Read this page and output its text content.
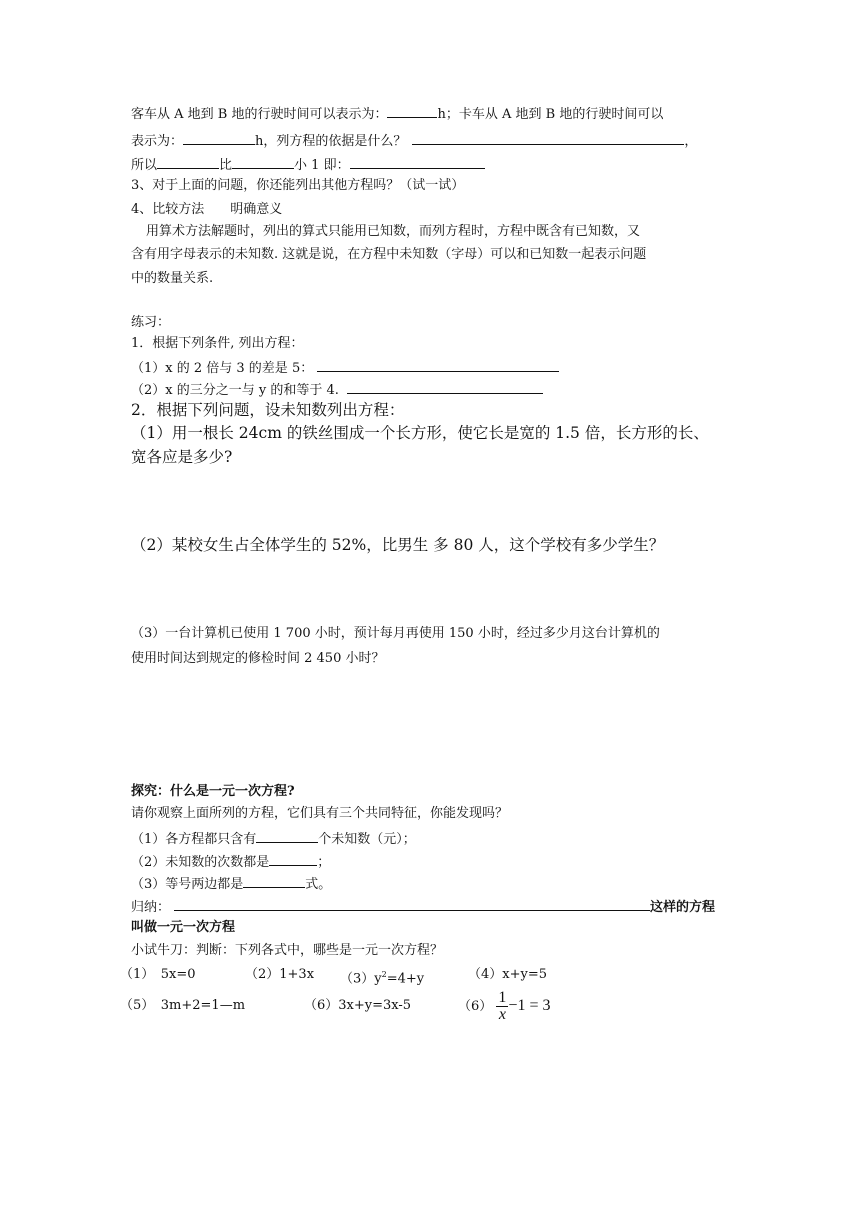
客车从 A 地到 B 地的行驶时间可以表示为：	h；卡车从 A 地到 B 地的行驶时间可以
表示为：	h，列方程的依据是什么？	，
所以	比	小 1 即：
3、对于上面的问题，你还能列出其他方程吗？（试一试）
4、比较方法　　明确意义
用算术方法解题时，列出的算式只能用已知数，而列方程时，方程中既含有已知数，又
含有用字母表示的未知数. 这就是说，在方程中未知数（字母）可以和已知数一起表示问题
中的数量关系.
练习：
1．根据下列条件, 列出方程：
（1）x 的 2 倍与 3 的差是 5：
（2）x 的三分之一与 y 的和等于 4.
2．根据下列问题，设未知数列出方程：
（1）用一根长 24cm 的铁丝围成一个长方形，使它长是宽的 1.5 倍，长方形的长、
宽各应是多少?
（2）某校女生占全体学生的 52%，比男生 多 80 人，这个学校有多少学生？
（3）一台计算机已使用 1 700 小时，预计每月再使用 150 小时，经过多少月这台计算机的
使用时间达到规定的修检时间 2 450 小时？
探究：什么是一元一次方程?
请你观察上面所列的方程，它们具有三个共同特征，你能发现吗？
（1）各方程都只含有	个未知数（元）；
（2）未知数的次数都是	；
（3）等号两边都是	式。
归纳：	这样的方程
叫做一元一次方程
小试牛刀：判断：下列各式中，哪些是一元一次方程？
（1）　5x=0	（2）1+3x $(3)y^2=4+y$	（4）x+y=5
（5）　3m+2=1—m	（6）3x+y=3x-5	$(6) \frac{1}{x} -1 = 3$
